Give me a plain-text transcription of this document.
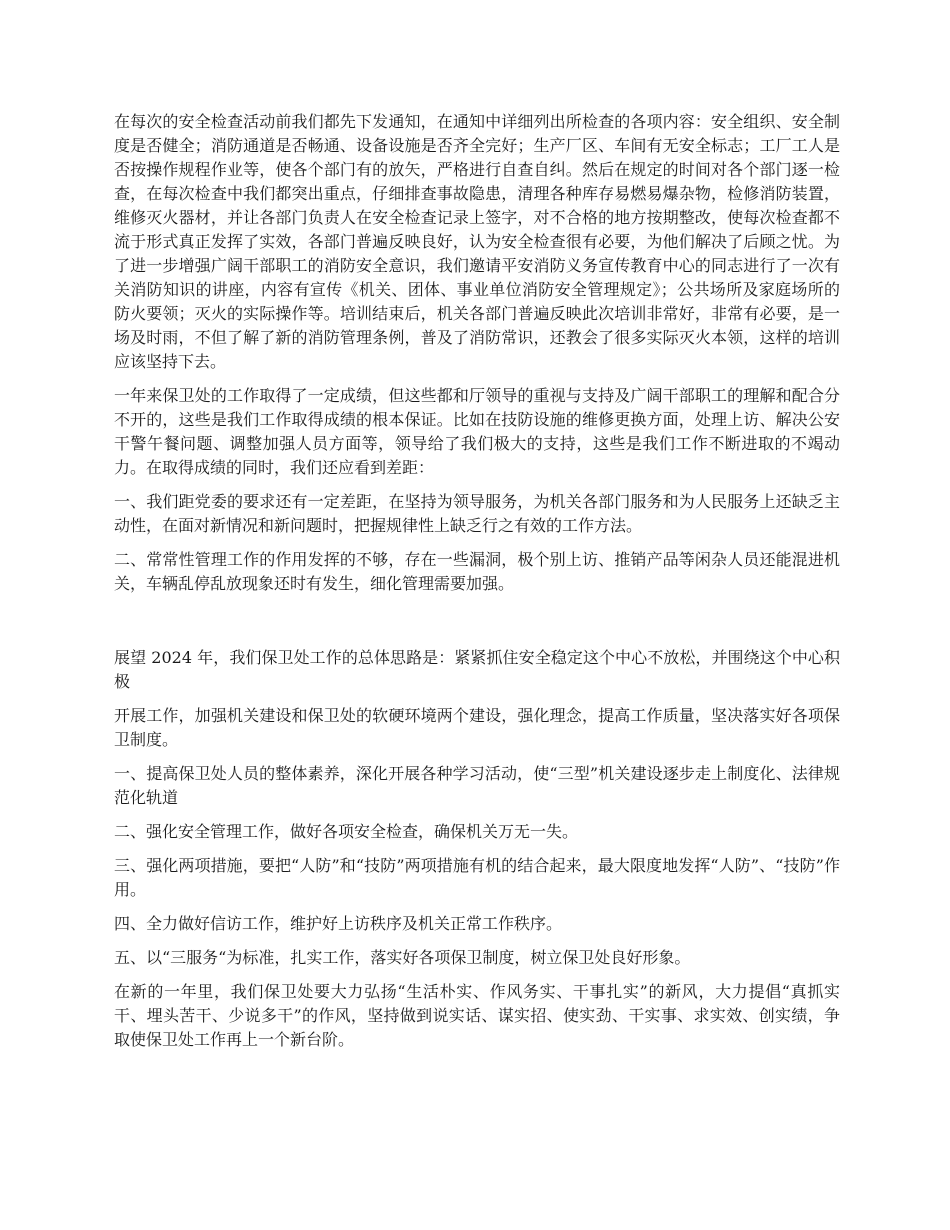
在每次的安全检查活动前我们都先下发通知，在通知中详细列出所检查的各项内容：安全组织、安全制度是否健全；消防通道是否畅通、设备设施是否齐全完好；生产厂区、车间有无安全标志；工厂工人是否按操作规程作业等，使各个部门有的放矢，严格进行自查自纠。然后在规定的时间对各个部门逐一检查，在每次检查中我们都突出重点，仔细排查事故隐患，清理各种库存易燃易爆杂物，检修消防装置，维修灭火器材，并让各部门负责人在安全检查记录上签字，对不合格的地方按期整改，使每次检查都不流于形式真正发挥了实效，各部门普遍反映良好，认为安全检查很有必要，为他们解决了后顾之忧。为了进一步增强广阔干部职工的消防安全意识，我们邀请平安消防义务宣传教育中心的同志进行了一次有关消防知识的讲座，内容有宣传《机关、团体、事业单位消防安全管理规定》；公共场所及家庭场所的防火要领；灭火的实际操作等。培训结束后，机关各部门普遍反映此次培训非常好，非常有必要，是一场及时雨，不但了解了新的消防管理条例，普及了消防常识，还教会了很多实际灭火本领，这样的培训应该坚持下去。

一年来保卫处的工作取得了一定成绩，但这些都和厅领导的重视与支持及广阔干部职工的理解和配合分不开的，这些是我们工作取得成绩的根本保证。比如在技防设施的维修更换方面，处理上访、解决公安干警午餐问题、调整加强人员方面等，领导给了我们极大的支持，这些是我们工作不断进取的不竭动力。在取得成绩的同时，我们还应看到差距：

一、我们距党委的要求还有一定差距，在坚持为领导服务，为机关各部门服务和为人民服务上还缺乏主动性，在面对新情况和新问题时，把握规律性上缺乏行之有效的工作方法。

二、常常性管理工作的作用发挥的不够，存在一些漏洞，极个别上访、推销产品等闲杂人员还能混进机关，车辆乱停乱放现象还时有发生，细化管理需要加强。

展望 2024 年，我们保卫处工作的总体思路是：紧紧抓住安全稳定这个中心不放松，并围绕这个中心积极

开展工作，加强机关建设和保卫处的软硬环境两个建设，强化理念，提高工作质量，坚决落实好各项保卫制度。

一、提高保卫处人员的整体素养，深化开展各种学习活动，使“三型”机关建设逐步走上制度化、法律规范化轨道

二、强化安全管理工作，做好各项安全检查，确保机关万无一失。

三、强化两项措施，要把“人防”和“技防”两项措施有机的结合起来，最大限度地发挥“人防”、“技防”作用。

四、全力做好信访工作，维护好上访秩序及机关正常工作秩序。

五、以“三服务“为标准，扎实工作，落实好各项保卫制度，树立保卫处良好形象。

在新的一年里，我们保卫处要大力弘扬“生活朴实、作风务实、干事扎实”的新风，大力提倡“真抓实干、埋头苦干、少说多干”的作风，坚持做到说实话、谋实招、使实劲、干实事、求实效、创实绩，争取使保卫处工作再上一个新台阶。
